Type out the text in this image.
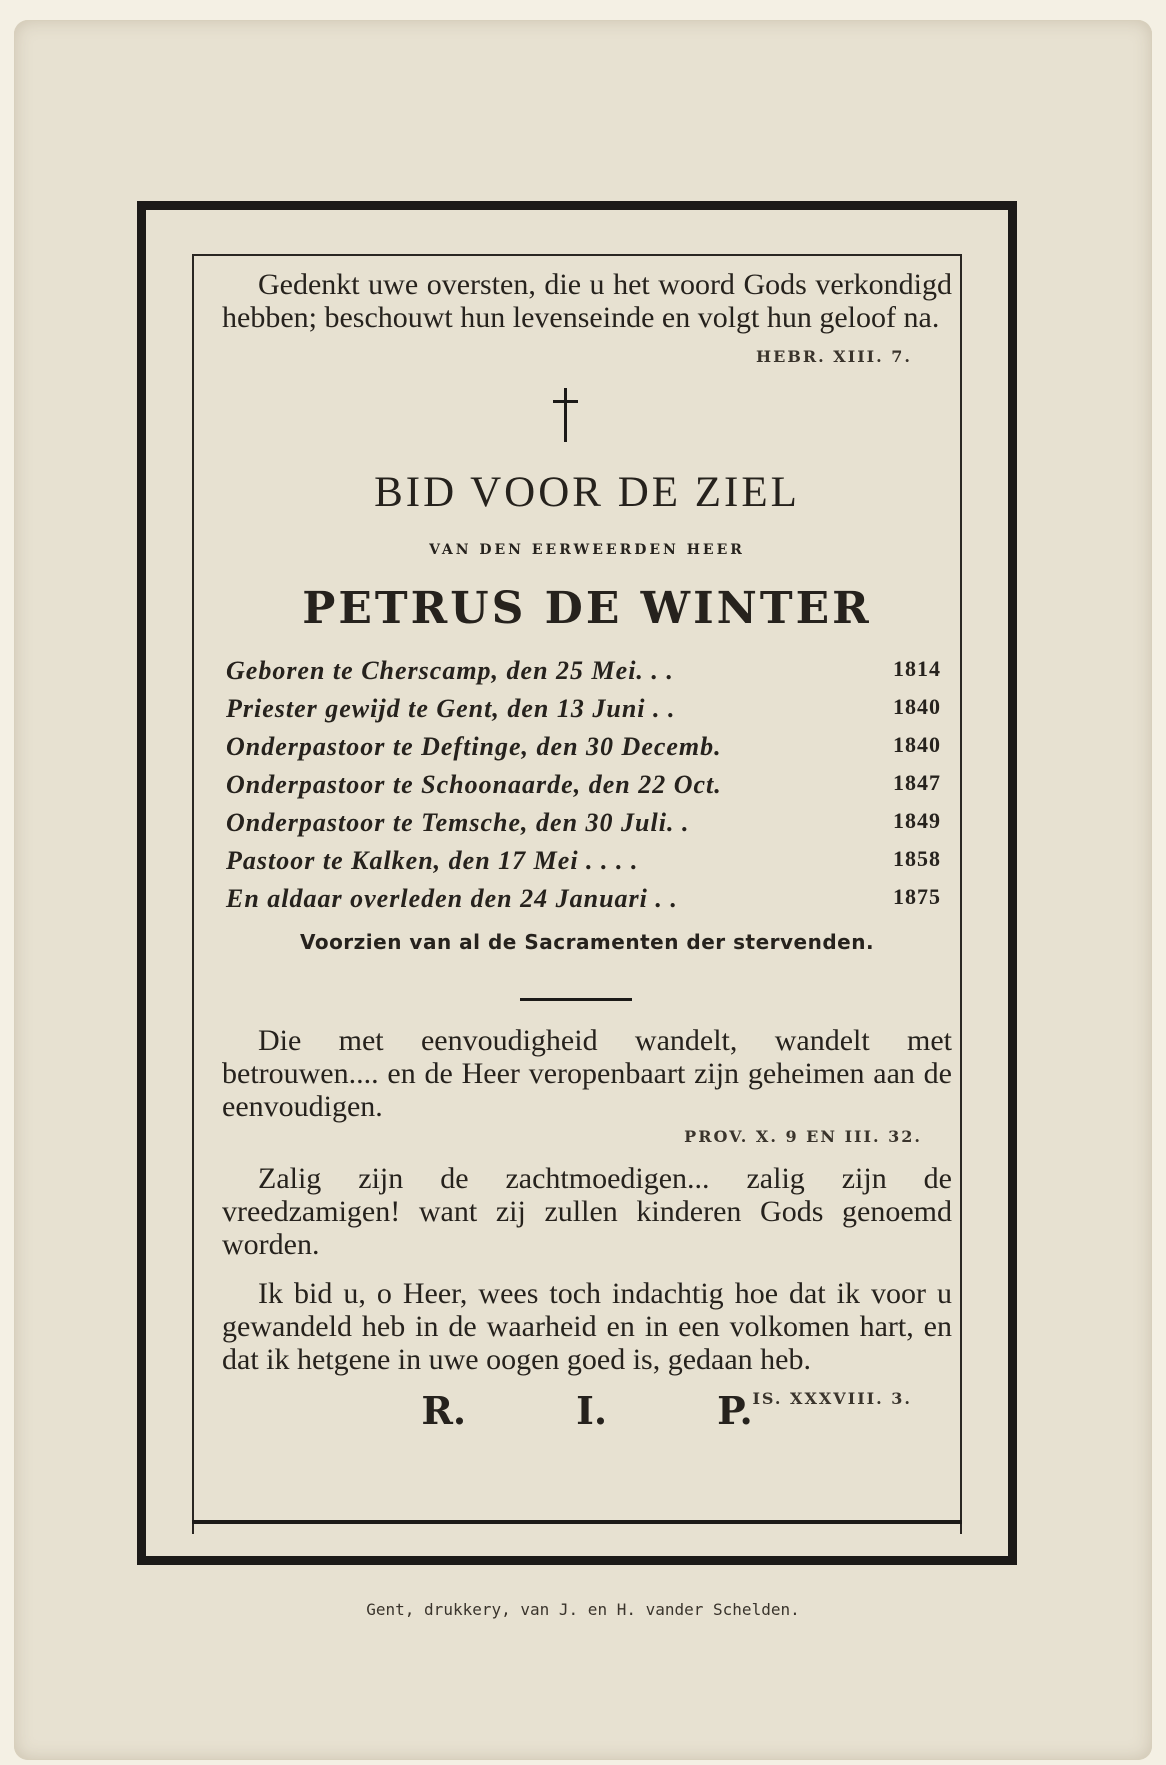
Gedenkt uwe oversten, die u het woord Gods verkondigd hebben; beschouwt hun levenseinde en volgt hun geloof na.
HEBR. XIII. 7.

BID VOOR DE ZIEL
VAN DEN EERWEERDEN HEER
PETRUS DE WINTER
Geboren te Cherscamp, den 25 Mei. . .	1814
Priester gewijd te Gent, den 13 Juni . .	1840
Onderpastoor te Deftinge, den 30 Decemb.	1840
Onderpastoor te Schoonaarde, den 22 Oct.	1847
Onderpastoor te Temsche, den 30 Juli. .	1849
Pastoor te Kalken, den 17 Mei . . . .	1858
En aldaar overleden den 24 Januari . .	1875
Voorzien van al de Sacramenten der stervenden.

Die met eenvoudigheid wandelt, wandelt met betrouwen.... en de Heer veropenbaart zijn geheimen aan de eenvoudigen.

PROV. X. 9 EN III. 32.

Zalig zijn de zachtmoedigen... zalig zijn de vreedzamigen! want zij zullen kinderen Gods genoemd worden.

Ik bid u, o Heer, wees toch indachtig hoe dat ik voor u gewandeld heb in de waarheid en in een volkomen hart, en dat ik hetgene in uwe oogen goed is, gedaan heb.
IS. XXXVIII. 3.

R.	I.	P.
Gent, drukkery, van J. en H. vander Schelden.
